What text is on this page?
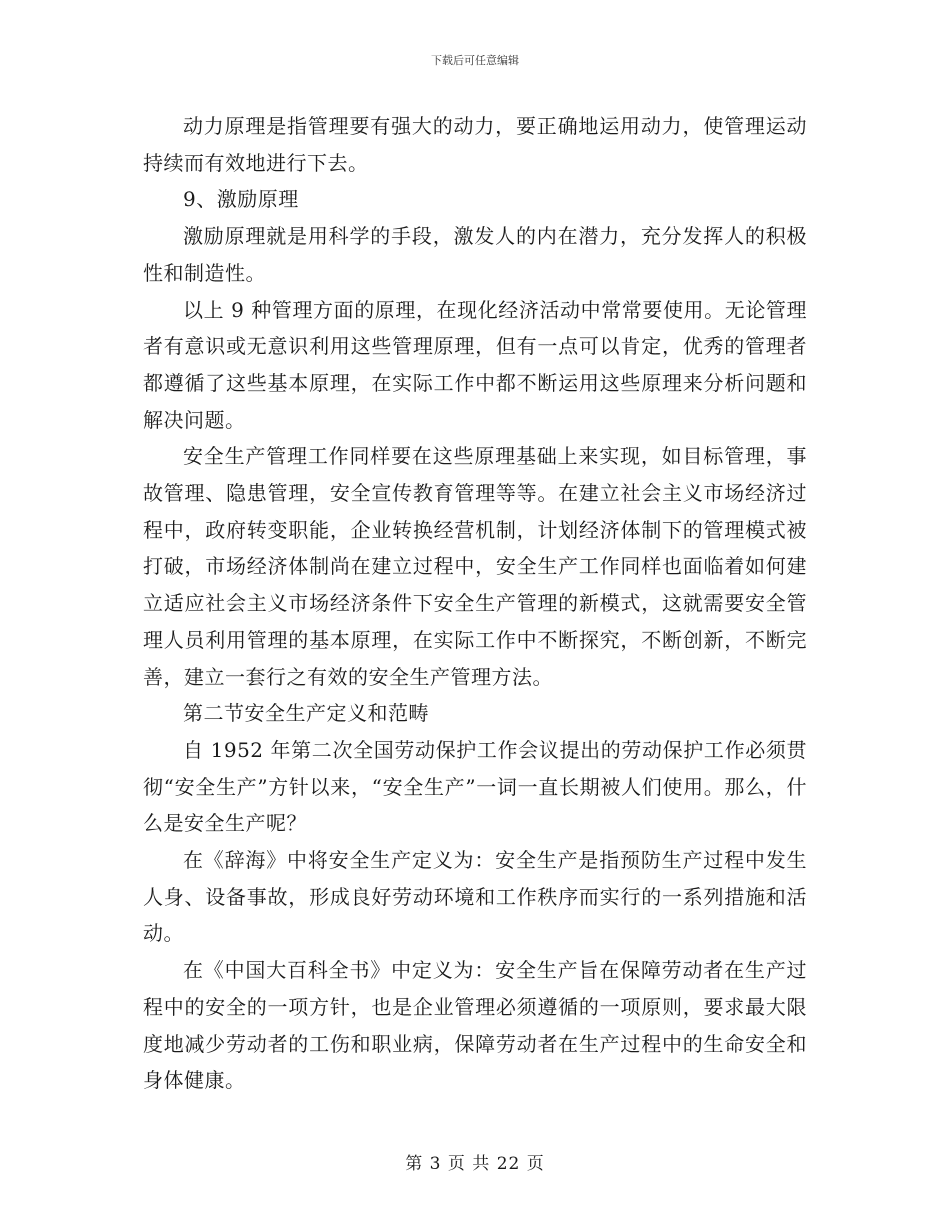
下载后可任意编辑

动力原理是指管理要有强大的动力，要正确地运用动力，使管理运动持续而有效地进行下去。

9、激励原理

激励原理就是用科学的手段，激发人的内在潜力，充分发挥人的积极性和制造性。

以上 9 种管理方面的原理，在现化经济活动中常常要使用。无论管理者有意识或无意识利用这些管理原理，但有一点可以肯定，优秀的管理者都遵循了这些基本原理，在实际工作中都不断运用这些原理来分析问题和解决问题。

安全生产管理工作同样要在这些原理基础上来实现，如目标管理，事故管理、隐患管理，安全宣传教育管理等等。在建立社会主义市场经济过程中，政府转变职能，企业转换经营机制，计划经济体制下的管理模式被打破，市场经济体制尚在建立过程中，安全生产工作同样也面临着如何建立适应社会主义市场经济条件下安全生产管理的新模式，这就需要安全管理人员利用管理的基本原理，在实际工作中不断探究，不断创新，不断完善，建立一套行之有效的安全生产管理方法。

第二节安全生产定义和范畴

自 1952 年第二次全国劳动保护工作会议提出的劳动保护工作必须贯彻“安全生产”方针以来，“安全生产”一词一直长期被人们使用。那么，什么是安全生产呢？

在《辞海》中将安全生产定义为：安全生产是指预防生产过程中发生人身、设备事故，形成良好劳动环境和工作秩序而实行的一系列措施和活动。

在《中国大百科全书》中定义为：安全生产旨在保障劳动者在生产过程中的安全的一项方针，也是企业管理必须遵循的一项原则，要求最大限度地减少劳动者的工伤和职业病，保障劳动者在生产过程中的生命安全和身体健康。

第 3 页 共 22 页
